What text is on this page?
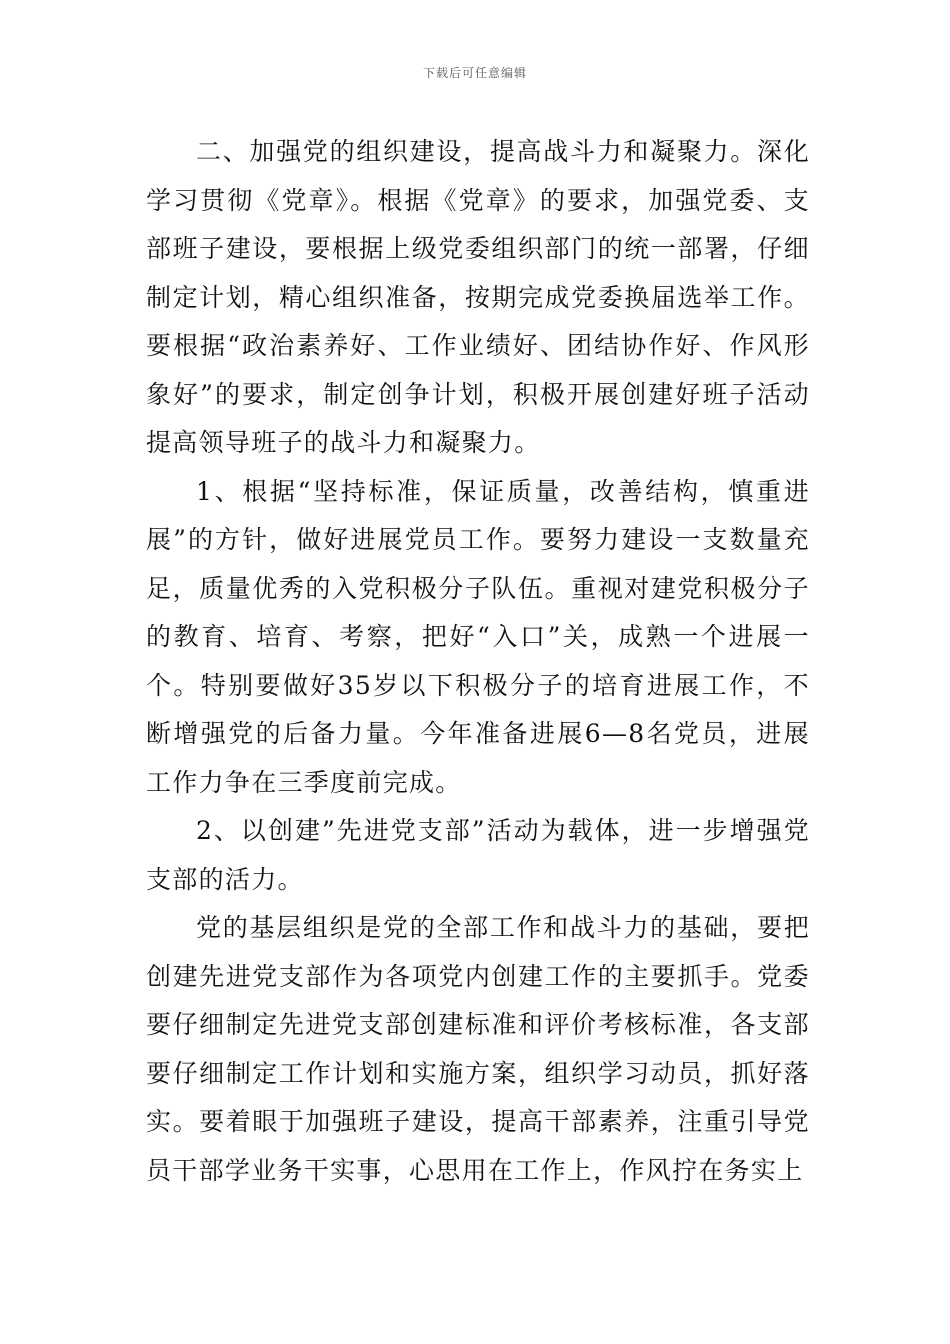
下载后可任意编辑

二、加强党的组织建设，提高战斗力和凝聚力。深化学习贯彻《党章》。根据《党章》的要求，加强党委、支部班子建设，要根据上级党委组织部门的统一部署，仔细制定计划，精心组织准备，按期完成党委换届选举工作。要根据“政治素养好、工作业绩好、团结协作好、作风形象好”的要求，制定创争计划，积极开展创建好班子活动提高领导班子的战斗力和凝聚力。

1、根据“坚持标准，保证质量，改善结构，慎重进展”的方针，做好进展党员工作。要努力建设一支数量充足，质量优秀的入党积极分子队伍。重视对建党积极分子的教育、培育、考察，把好“入口”关，成熟一个进展一个。特别要做好35岁以下积极分子的培育进展工作，不断增强党的后备力量。今年准备进展6—8名党员，进展工作力争在三季度前完成。

2、以创建”先进党支部”活动为载体，进一步增强党支部的活力。

党的基层组织是党的全部工作和战斗力的基础，要把创建先进党支部作为各项党内创建工作的主要抓手。党委要仔细制定先进党支部创建标准和评价考核标准，各支部要仔细制定工作计划和实施方案，组织学习动员，抓好落实。要着眼于加强班子建设，提高干部素养，注重引导党员干部学业务干实事，心思用在工作上，作风拧在务实上
